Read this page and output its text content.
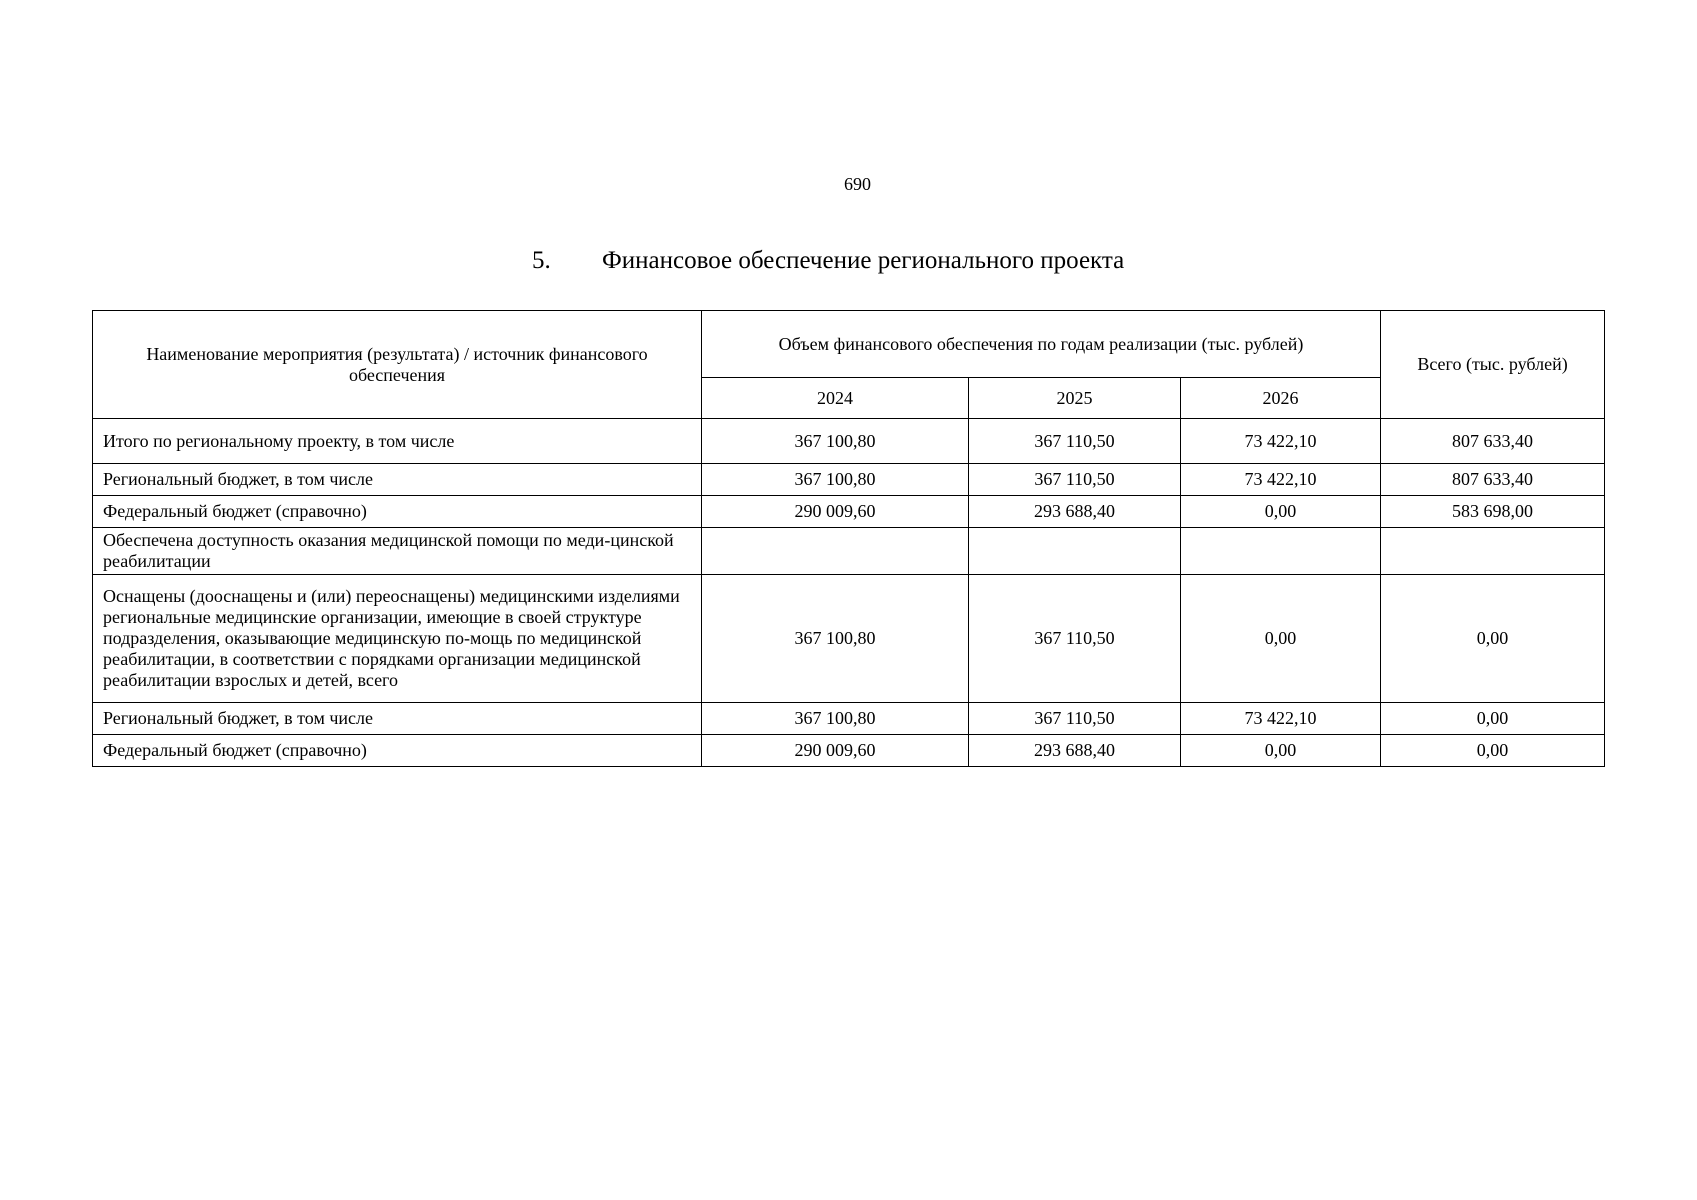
690
5. Финансовое обеспечение регионального проекта
Наименование мероприятия (результата) / источник финансового обеспечения	Объем финансового обеспечения по годам реализации (тыс. рублей)			Всего (тыс. рублей)
	2024	2025	2026	
Итого по региональному проекту, в том числе	367 100,80	367 110,50	73 422,10	807 633,40
Региональный бюджет, в том числе	367 100,80	367 110,50	73 422,10	807 633,40
Федеральный бюджет (справочно)	290 009,60	293 688,40	0,00	583 698,00
Обеспечена доступность оказания медицинской помощи по меди-цинской реабилитации				
Оснащены (дооснащены и (или) переоснащены) медицинскими изделиями региональные медицинские организации, имеющие в своей структуре подразделения, оказывающие медицинскую по-мощь по медицинской реабилитации, в соответствии с порядками организации медицинской реабилитации взрослых и детей, всего	367 100,80	367 110,50	0,00	0,00
Региональный бюджет, в том числе	367 100,80	367 110,50	73 422,10	0,00
Федеральный бюджет (справочно)	290 009,60	293 688,40	0,00	0,00
